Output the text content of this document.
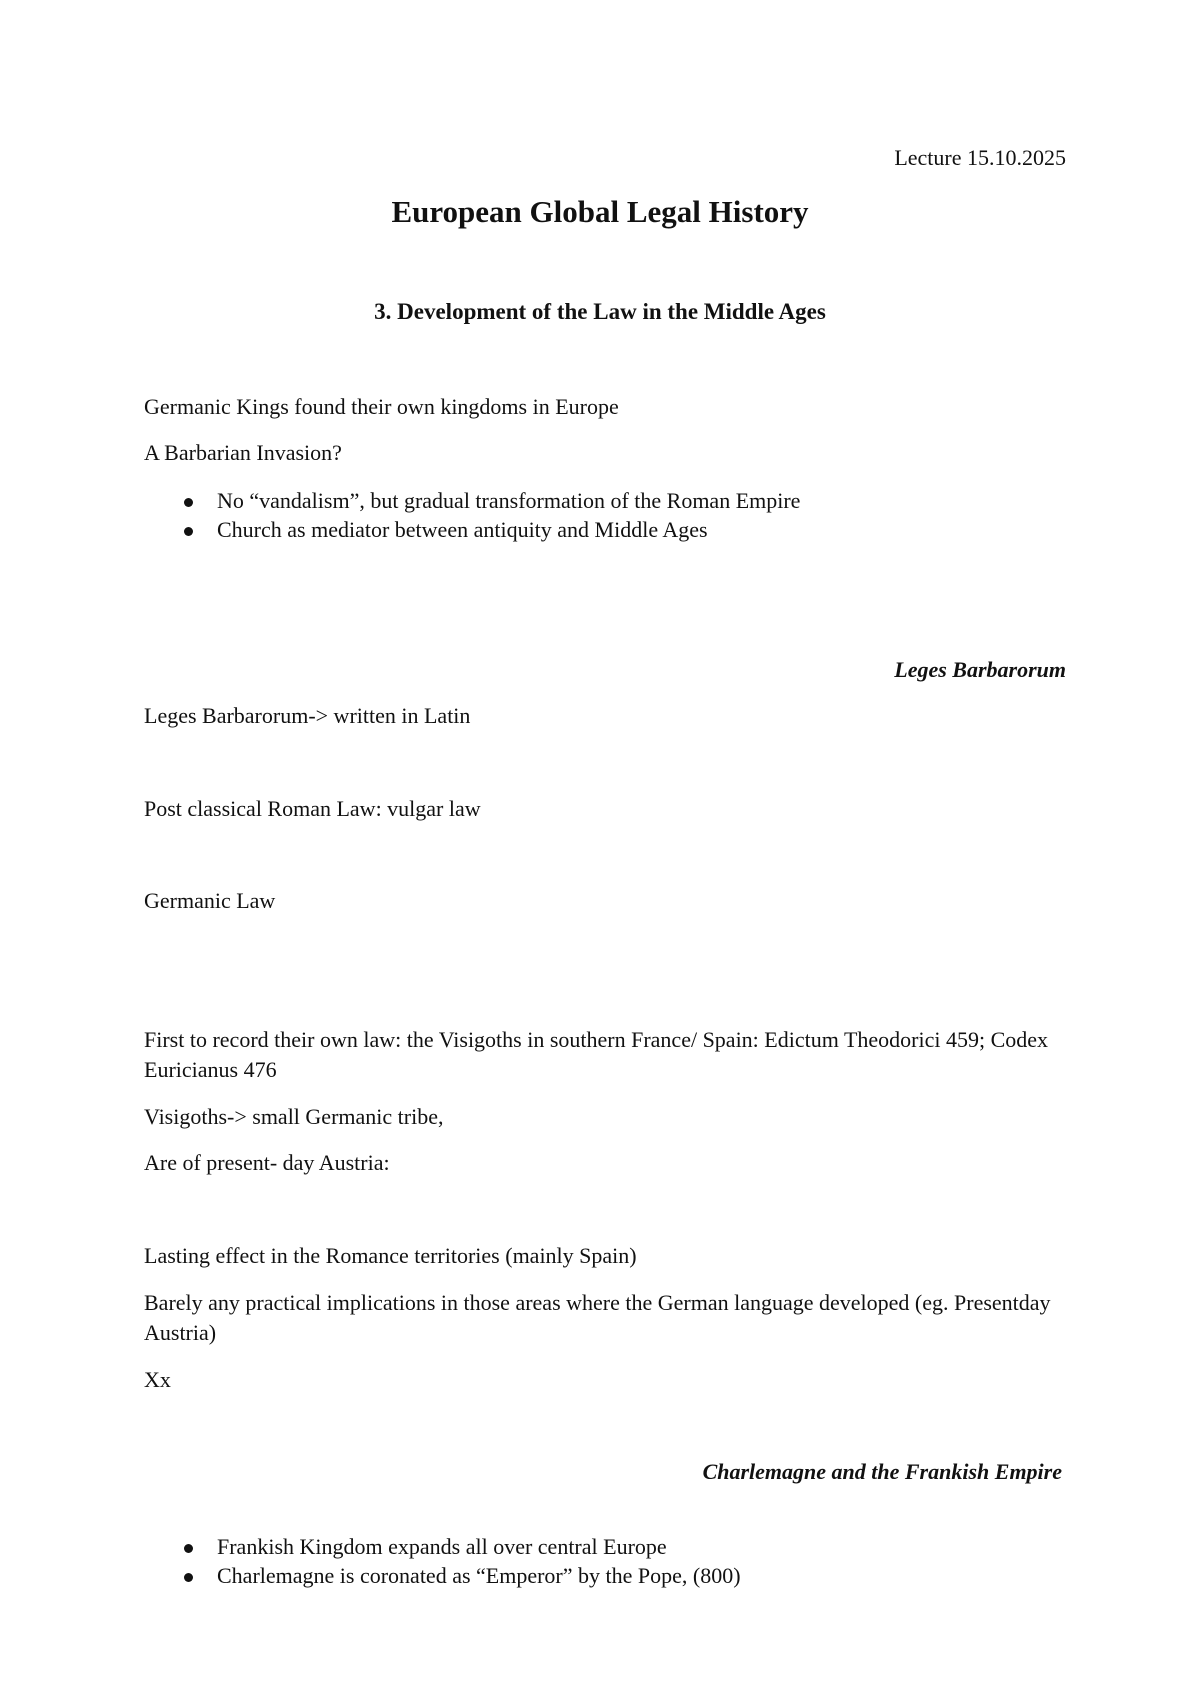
Lecture 15.10.2025
European Global Legal History
3. Development of the Law in the Middle Ages
Germanic Kings found their own kingdoms in Europe
A Barbarian Invasion?
No “vandalism”, but gradual transformation of the Roman Empire
Church as mediator between antiquity and Middle Ages
Leges Barbarorum
Leges Barbarorum-> written in Latin
Post classical Roman Law: vulgar law
Germanic Law
First to record their own law: the Visigoths in southern France/ Spain: Edictum Theodorici 459; Codex Euricianus 476
Visigoths-> small Germanic tribe,
Are of present- day Austria:
Lasting effect in the Romance territories (mainly Spain)
Barely any practical implications in those areas where the German language developed (eg. Presentday Austria)
Xx
Charlemagne and the Frankish Empire
Frankish Kingdom expands all over central Europe
Charlemagne is coronated as “Emperor” by the Pope, (800)
